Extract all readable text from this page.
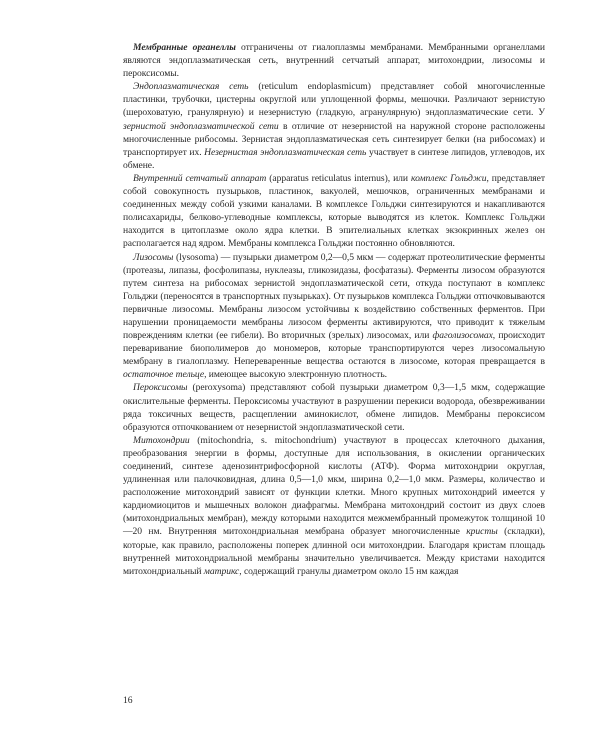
Мембранные органеллы отграничены от гиалоплазмы мембранами. Мембранными органеллами являются эндоплазматическая сеть, внутренний сетчатый аппарат, митохондрии, лизосомы и пероксисомы.

Эндоплазматическая сеть (reticulum endoplasmicum) представляет собой многочисленные пластинки, трубочки, цистерны округлой или уплощенной формы, мешочки. Различают зернистую (шероховатую, гранулярную) и незернистую (гладкую, агранулярную) эндоплазматические сети. У зернистой эндоплазматической сети в отличие от незернистой на наружной стороне расположены многочисленные рибосомы. Зернистая эндоплазматическая сеть синтезирует белки (на рибосомах) и транспортирует их. Незернистая эндоплазматическая сеть участвует в синтезе липидов, углеводов, их обмене.

Внутренний сетчатый аппарат (apparatus reticulatus internus), или комплекс Гольджи, представляет собой совокупность пузырьков, пластинок, вакуолей, мешочков, ограниченных мембранами и соединенных между собой узкими каналами. В комплексе Гольджи синтезируются и накапливаются полисахариды, белково-углеводные комплексы, которые выводятся из клеток. Комплекс Гольджи находится в цитоплазме около ядра клетки. В эпителиальных клетках экзокринных желез он располагается над ядром. Мембраны комплекса Гольджи постоянно обновляются.

Лизосомы (lysosoma) — пузырьки диаметром 0,2—0,5 мкм — содержат протеолитические ферменты (протеазы, липазы, фосфолипазы, нуклеазы, гликозидазы, фосфатазы). Ферменты лизосом образуются путем синтеза на рибосомах зернистой эндоплазматической сети, откуда поступают в комплекс Гольджи (переносятся в транспортных пузырьках). От пузырьков комплекса Гольджи отпочковываются первичные лизосомы. Мембраны лизосом устойчивы к воздействию собственных ферментов. При нарушении проницаемости мембраны лизосом ферменты активируются, что приводит к тяжелым повреждениям клетки (ее гибели). Во вторичных (зрелых) лизосомах, или фаголизосомах, происходит переваривание биополимеров до мономеров, которые транспортируются через лизосомальную мембрану в гиалоплазму. Непереваренные вещества остаются в лизосоме, которая превращается в остаточное тельце, имеющее высокую электронную плотность.

Пероксисомы (peroxysoma) представляют собой пузырьки диаметром 0,3—1,5 мкм, содержащие окислительные ферменты. Пероксисомы участвуют в разрушении перекиси водорода, обезвреживании ряда токсичных веществ, расщеплении аминокислот, обмене липидов. Мембраны пероксисом образуются отпочкованием от незернистой эндоплазматической сети.

Митохондрии (mitochondria, s. mitochondrium) участвуют в процессах клеточного дыхания, преобразования энергии в формы, доступные для использования, в окислении органических соединений, синтезе аденозинтрифосфорной кислоты (АТФ). Форма митохондрии округлая, удлиненная или палочковидная, длина 0,5—1,0 мкм, ширина 0,2—1,0 мкм. Размеры, количество и расположение митохондрий зависят от функции клетки. Много крупных митохондрий имеется у кардиомиоцитов и мышечных волокон диафрагмы. Мембрана митохондрий состоит из двух слоев (митохондриальных мембран), между которыми находится межмембранный промежуток толщиной 10—20 нм. Внутренняя митохондриальная мембрана образует многочисленные кристы (складки), которые, как правило, расположены поперек длинной оси митохондрии. Благодаря кристам площадь внутренней митохондриальной мембраны значительно увеличивается. Между кристами находится митохондриальный матрикс, содержащий гранулы диаметром около 15 нм каждая

16
